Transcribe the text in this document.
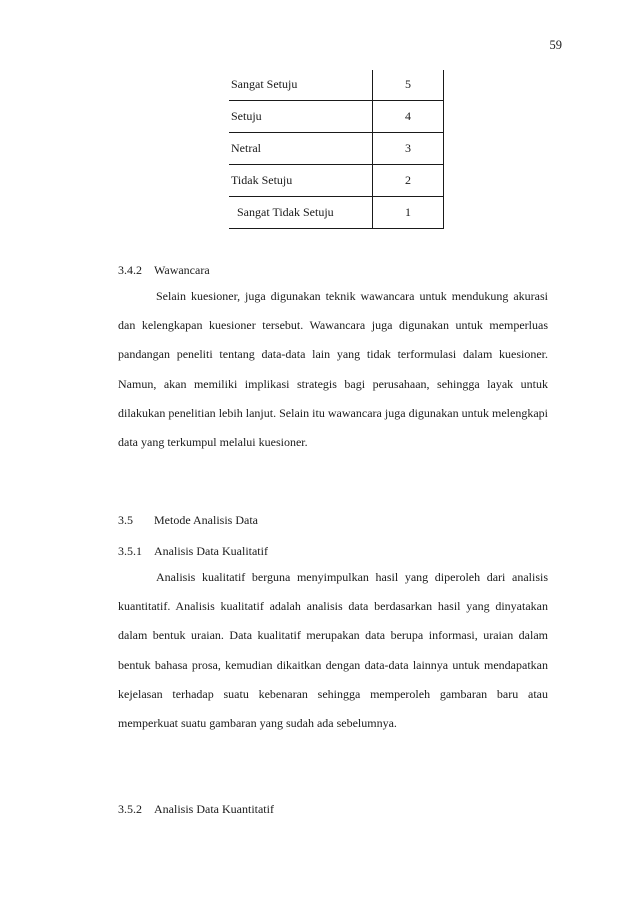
59
Sangat Setuju	5
Setuju	4
Netral	3
Tidak Setuju	2
Sangat Tidak Setuju	1
3.4.2 Wawancara

Selain kuesioner, juga digunakan teknik wawancara untuk mendukung akurasi dan kelengkapan kuesioner tersebut. Wawancara juga digunakan untuk memperluas pandangan peneliti tentang data-data lain yang tidak terformulasi dalam kuesioner. Namun, akan memiliki implikasi strategis bagi perusahaan, sehingga layak untuk dilakukan penelitian lebih lanjut. Selain itu wawancara juga digunakan untuk melengkapi data yang terkumpul melalui kuesioner.

3.5 Metode Analisis Data
3.5.1 Analisis Data Kualitatif

Analisis kualitatif berguna menyimpulkan hasil yang diperoleh dari analisis kuantitatif. Analisis kualitatif adalah analisis data berdasarkan hasil yang dinyatakan dalam bentuk uraian. Data kualitatif merupakan data berupa informasi, uraian dalam bentuk bahasa prosa, kemudian dikaitkan dengan data-data lainnya untuk mendapatkan kejelasan terhadap suatu kebenaran sehingga memperoleh gambaran baru atau memperkuat suatu gambaran yang sudah ada sebelumnya.

3.5.2 Analisis Data Kuantitatif
